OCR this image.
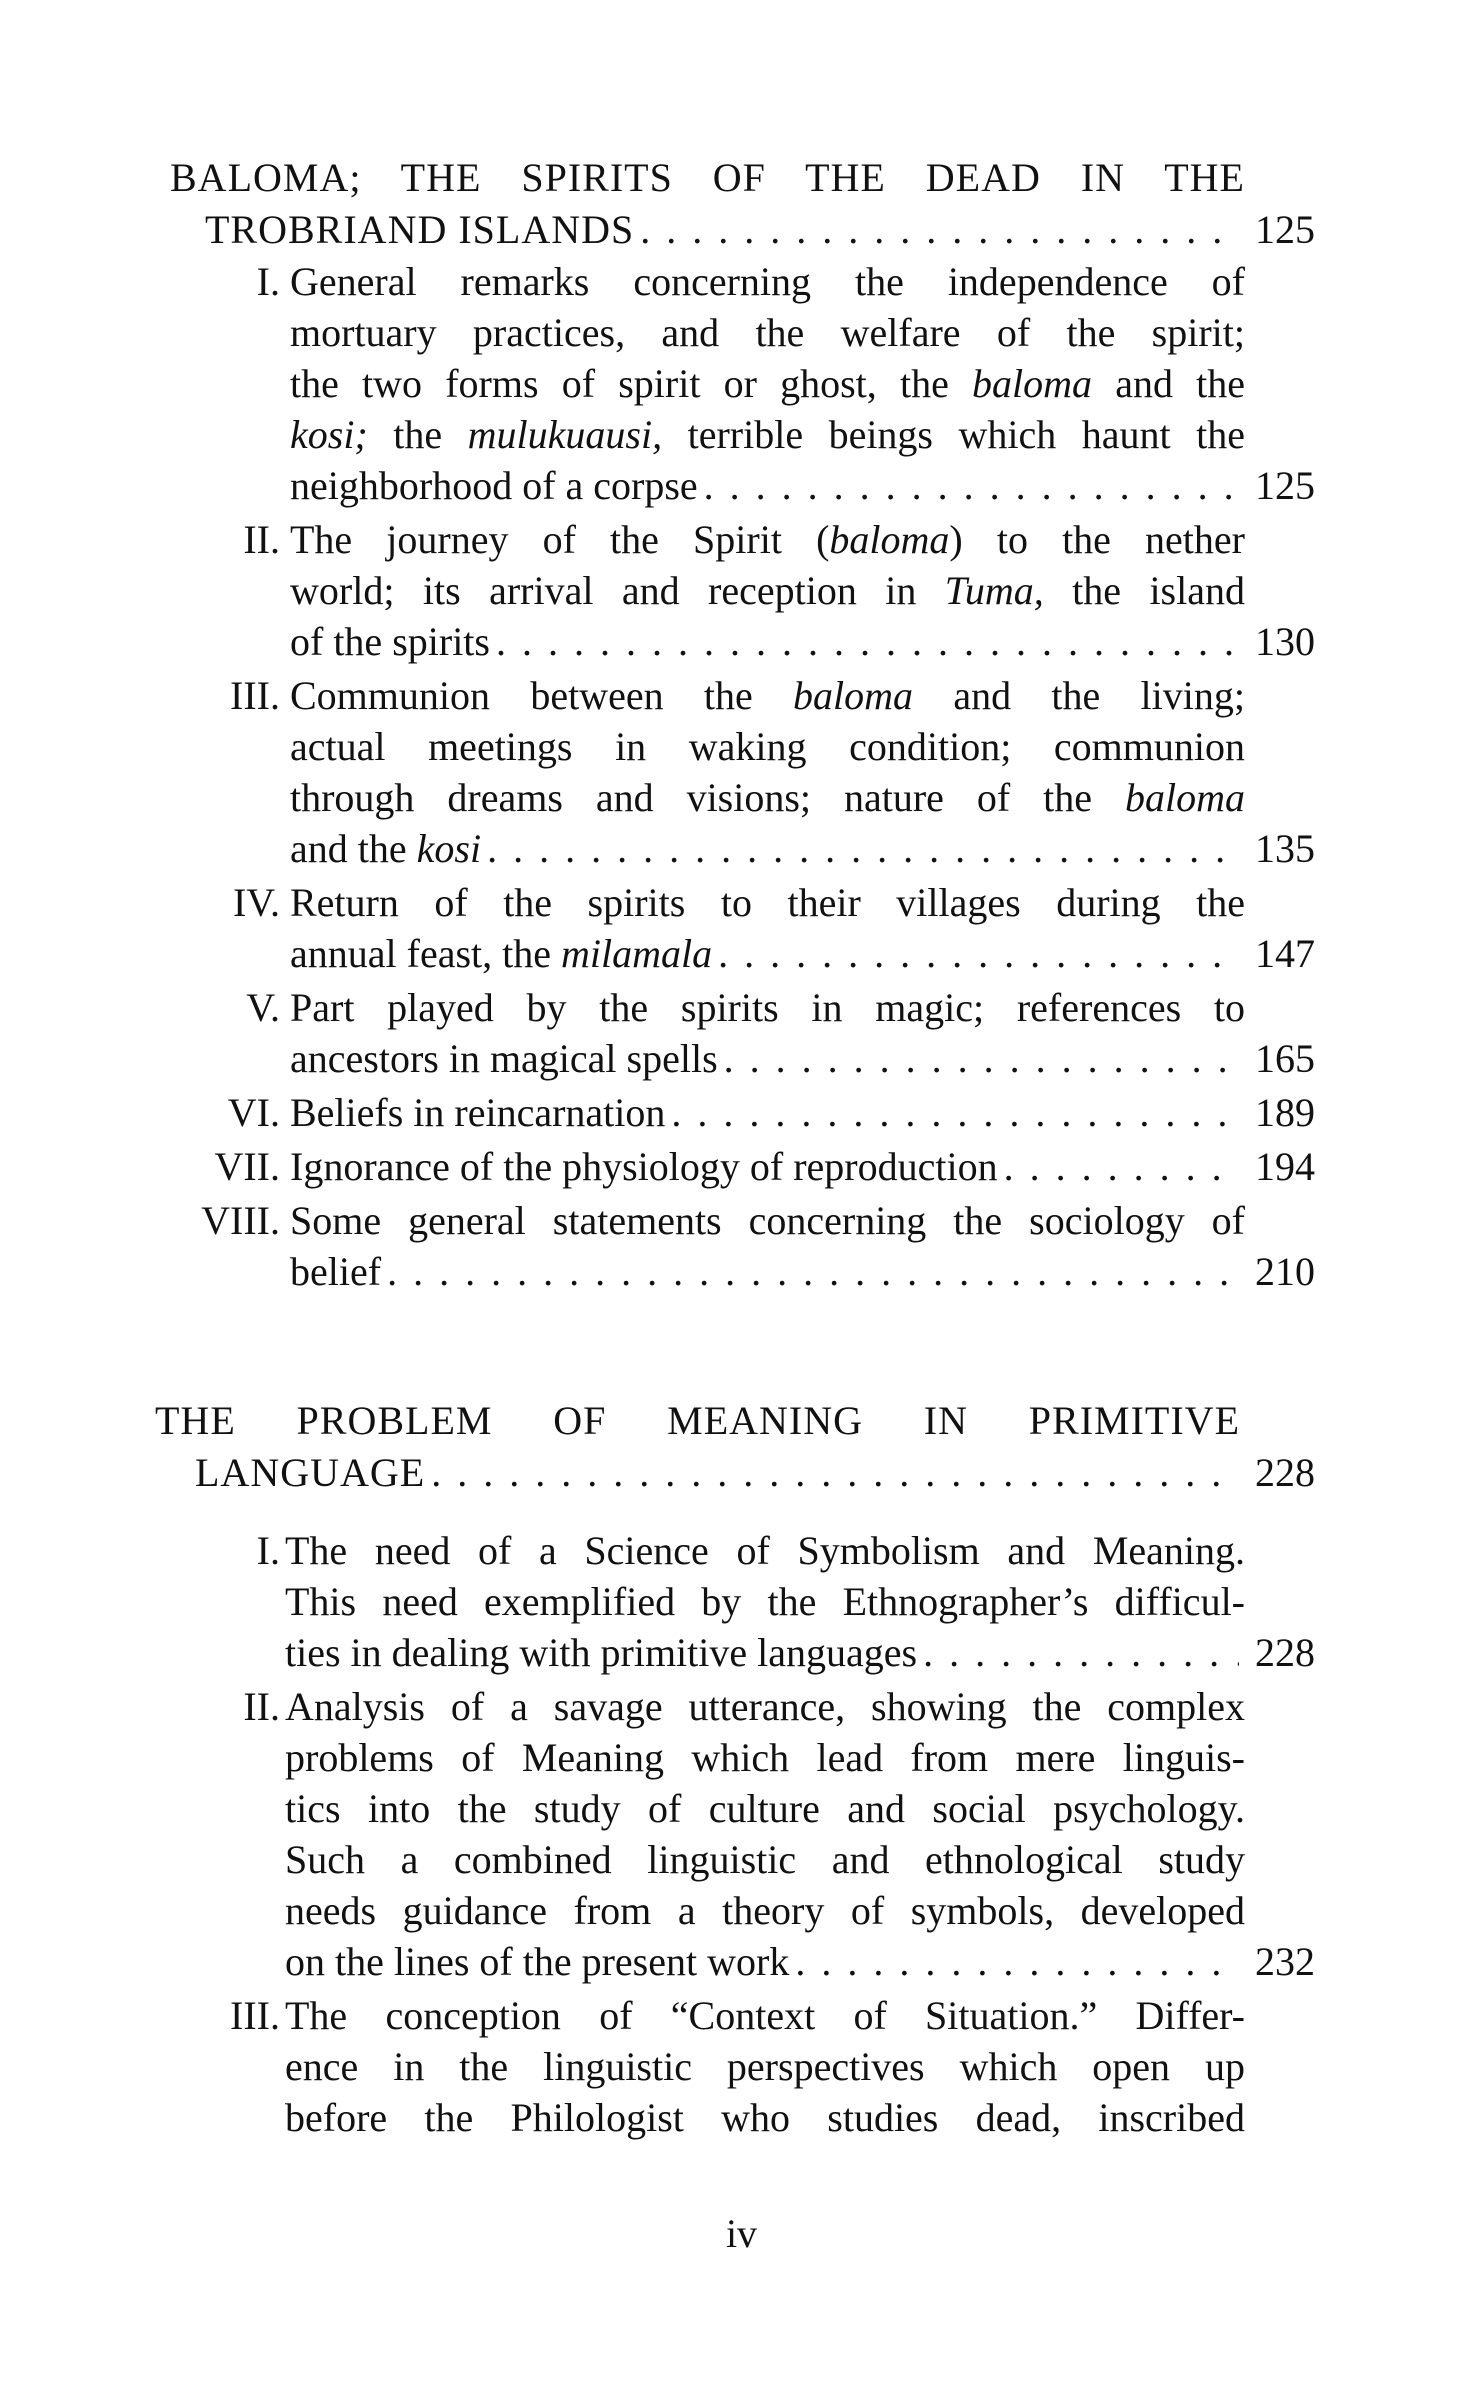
BALOMA; THE SPIRITS OF THE DEAD IN THE
TROBRIAND ISLANDS . . .	125
I. General remarks concerning the independence of
mortuary practices, and the welfare of the spirit;
the two forms of spirit or ghost, the baloma and the
kosi; the mulukuausi, terrible beings which haunt the
neighborhood of a corpse . . .	125
II. The journey of the Spirit (baloma) to the nether
world; its arrival and reception in Tuma, the island
of the spirits . . .	130
III. Communion between the baloma and the living;
actual meetings in waking condition; communion
through dreams and visions; nature of the baloma
and the kosi . . .	135
IV. Return of the spirits to their villages during the
annual feast, the milamala . . .	147
V. Part played by the spirits in magic; references to
ancestors in magical spells . . .	165
VI. Beliefs in reincarnation . . .	189
VII. Ignorance of the physiology of reproduction . . .	194
VIII. Some general statements concerning the sociology of
belief . . .	210
THE PROBLEM OF MEANING IN PRIMITIVE
LANGUAGE . . .	228
I. The need of a Science of Symbolism and Meaning.
This need exemplified by the Ethnographer’s difficul-
ties in dealing with primitive languages . . .	228
II. Analysis of a savage utterance, showing the complex
problems of Meaning which lead from mere linguis-
tics into the study of culture and social psychology.
Such a combined linguistic and ethnological study
needs guidance from a theory of symbols, developed
on the lines of the present work . . .	232
III. The conception of “Context of Situation.” Differ-
ence in the linguistic perspectives which open up
before the Philologist who studies dead, inscribed
iv
